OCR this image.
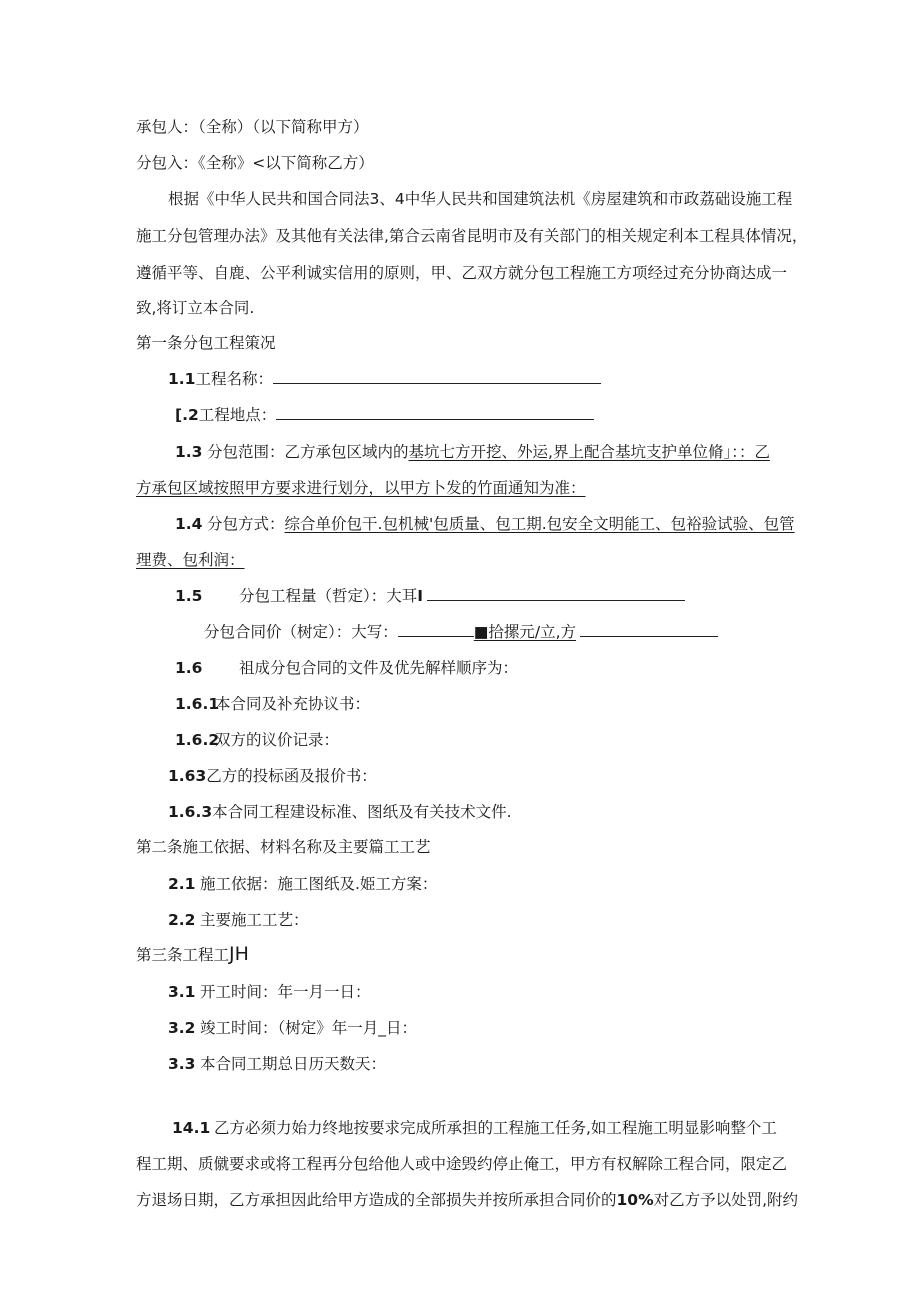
承包人：（全称）（以下简称甲方）
分包入：《全称》<以下简称乙方）
根据《中华人民共和国合同法3、4中华人民共和国建筑法机《房屋建筑和市政荔础设施工程
施工分包管理办法》及其他有关法律,第合云南省昆明市及有关部门的相关规定利本工程具体情况，
遵循平等、自鹿、公平利诚实信用的原则，甲、乙双方就分包工程施工方项经过充分协商达成一
致,将订立本合同.
第一条分包工程策况
1.1工程名称：
[.2工程地点：
1.3 分包范围：乙方承包区域内的基坑七方开挖、外运,界上配合基坑支护单位脩」：：乙
方承包区域按照甲方要求进行划分，以甲方卜发的竹面通知为准：
1.4 分包方式：综合单价包干.包机械'包质量、包工期.包安全文明能工、包裕验试验、包管
理费、包利润：
1.5 分包工程量（哲定）：大耳I
分包合同价（树定）：大写：	■拾摞元/立,方
1.6 祖成分包合同的文件及优先解样顺序为：
1.6.1本合同及补充协议书：
1.6.2双方的议价记录：
1.63乙方的投标函及报价书：
1.6.3本合同工程建设标准、图纸及有关技术文件.
第二条施工依据、材料名称及主要篇工工艺
2.1 施工依据：施工图纸及.姫工方案：
2.2 主要施工工艺：
第三条工程工JH
3.1 开工时间：年一月一日：
3.2 竣工时间：（树定》年一月_日：
3.3 本合同工期总日历天数天：
14.1 乙方必须力始力终地按要求完成所承担的工程施工任务,如工程施工明显影响整个工
程工期、质僦要求或将工程再分包给他人或中途毁约停止俺工，甲方有权解除工程合同，限定乙
方退场日期，乙方承担因此给甲方造成的全部损失并按所承担合同价的10%对乙方予以处罚,附约
